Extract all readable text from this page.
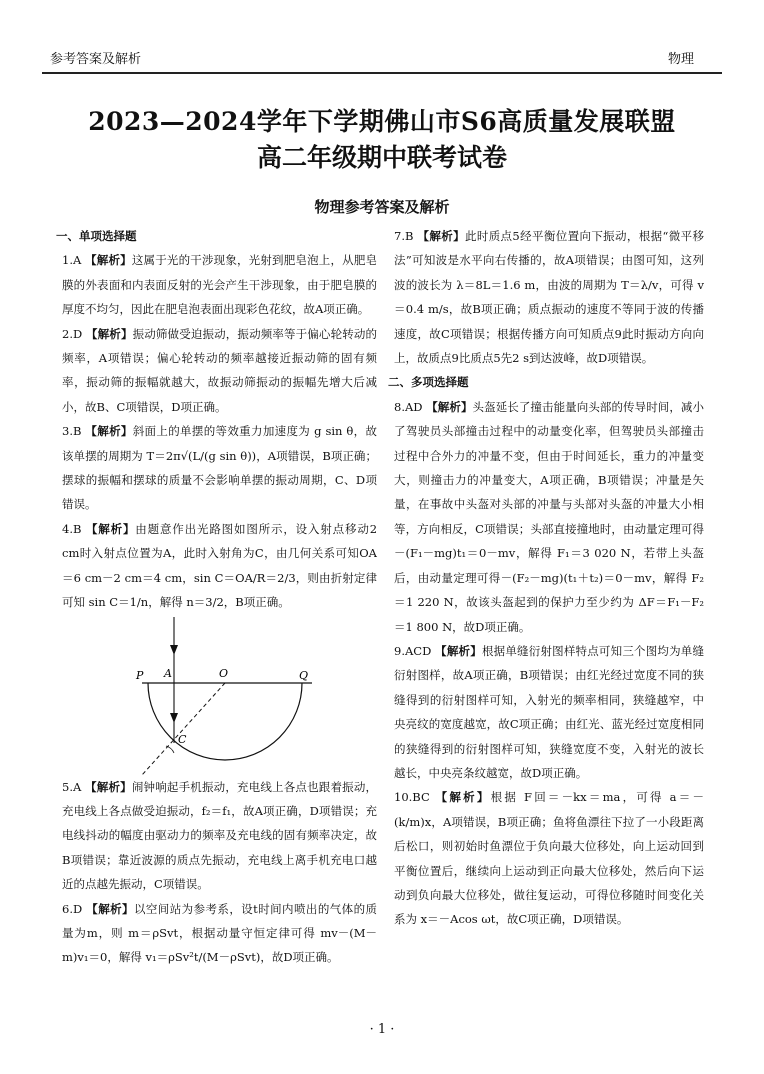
参考答案及解析	物理
2023—2024学年下学期佛山市S6高质量发展联盟
高二年级期中联考试卷
物理参考答案及解析
一、单项选择题
1.A 【解析】这属于光的干涉现象，光射到肥皂泡上，从肥皂膜的外表面和内表面反射的光会产生干涉现象，由于肥皂膜的厚度不均匀，因此在肥皂泡表面出现彩色花纹，故A项正确。
2.D 【解析】振动筛做受迫振动，振动频率等于偏心轮转动的频率，A项错误；偏心轮转动的频率越接近振动筛的固有频率，振动筛的振幅就越大，故振动筛振动的振幅先增大后减小，故B、C项错误，D项正确。
3.B 【解析】斜面上的单摆的等效重力加速度为 g sin θ，故该单摆的周期为 T＝2π√(L/(g sin θ))，A项错误，B项正确；摆球的振幅和摆球的质量不会影响单摆的振动周期，C、D项错误。
4.B 【解析】由题意作出光路图如图所示，设入射点移动2 cm时入射点位置为A，此时入射角为C，由几何关系可知OA＝6 cm－2 cm＝4 cm，sin C＝OA/R＝2/3，则由折射定律可知 sin C＝1/n，解得 n＝3/2，B项正确。
P A	O	Q
C
5.A 【解析】闹钟响起手机振动，充电线上各点也跟着振动，充电线上各点做受迫振动，f₂＝f₁，故A项正确，D项错误；充电线抖动的幅度由驱动力的频率及充电线的固有频率决定，故B项错误；靠近波源的质点先振动，充电线上离手机充电口越近的点越先振动，C项错误。
6.D 【解析】以空间站为参考系，设t时间内喷出的气体的质量为m，则 m＝ρSvt，根据动量守恒定律可得 mv－(M－m)v₁＝0，解得 v₁＝ρSv²t/(M－ρSvt)，故D项正确。
7.B 【解析】此时质点5经平衡位置向下振动，根据“微平移法”可知波是水平向右传播的，故A项错误；由图可知，这列波的波长为 λ＝8L＝1.6 m，由波的周期为 T＝λ/v，可得 v＝0.4 m/s，故B项正确；质点振动的速度不等同于波的传播速度，故C项错误；根据传播方向可知质点9此时振动方向向上，故质点9比质点5先2 s到达波峰，故D项错误。
二、多项选择题
8.AD 【解析】头盔延长了撞击能量向头部的传导时间，减小了驾驶员头部撞击过程中的动量变化率，但驾驶员头部撞击过程中合外力的冲量不变，但由于时间延长，重力的冲量变大，则撞击力的冲量变大，A项正确，B项错误；冲量是矢量，在事故中头盔对头部的冲量与头部对头盔的冲量大小相等，方向相反，C项错误；头部直接撞地时，由动量定理可得－(F₁－mg)t₁＝0－mv，解得 F₁＝3 020 N，若带上头盔后，由动量定理可得－(F₂－mg)(t₁＋t₂)＝0－mv，解得 F₂＝1 220 N，故该头盔起到的保护力至少约为 ΔF＝F₁－F₂＝1 800 N，故D项正确。
9.ACD 【解析】根据单缝衍射图样特点可知三个图均为单缝衍射图样，故A项正确，B项错误；由红光经过宽度不同的狭缝得到的衍射图样可知，入射光的频率相同，狭缝越窄，中央亮纹的宽度越宽，故C项正确；由红光、蓝光经过宽度相同的狭缝得到的衍射图样可知，狭缝宽度不变，入射光的波长越长，中央亮条纹越宽，故D项正确。
10.BC 【解析】根据 F回＝－kx＝ma，可得 a＝－(k/m)x，A项错误，B项正确；鱼将鱼漂往下拉了一小段距离后松口，则初始时鱼漂位于负向最大位移处，向上运动回到平衡位置后，继续向上运动到正向最大位移处，然后向下运动到负向最大位移处，做往复运动，可得位移随时间变化关系为 x＝－Acos ωt，故C项正确，D项错误。
· 1 ·
